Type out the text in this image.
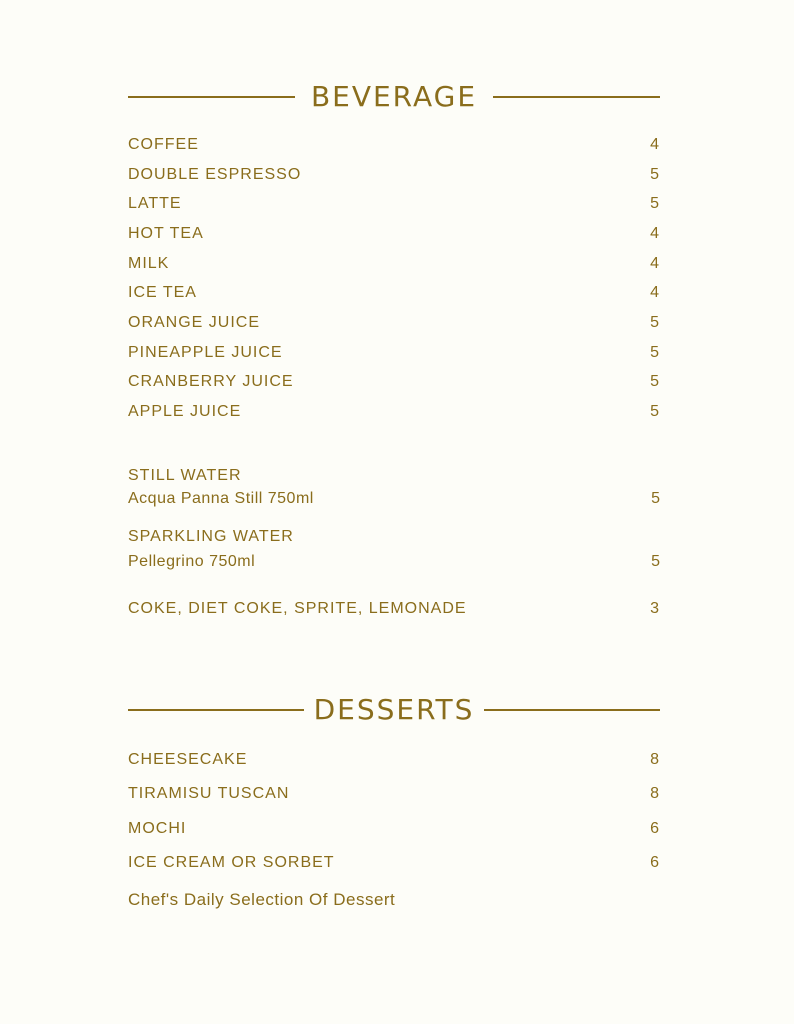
BEVERAGE
COFFEE	4
DOUBLE ESPRESSO	5
LATTE	5
HOT TEA	4
MILK	4
ICE TEA	4
ORANGE JUICE	5
PINEAPPLE JUICE	5
CRANBERRY JUICE	5
APPLE JUICE	5
STILL WATER
Acqua Panna Still 750ml	5
SPARKLING WATER
Pellegrino 750ml	5
COKE, DIET COKE, SPRITE, LEMONADE	3
DESSERTS
CHEESECAKE	8
TIRAMISU TUSCAN	8
MOCHI	6
ICE CREAM OR SORBET	6
Chef's Daily Selection Of Dessert
